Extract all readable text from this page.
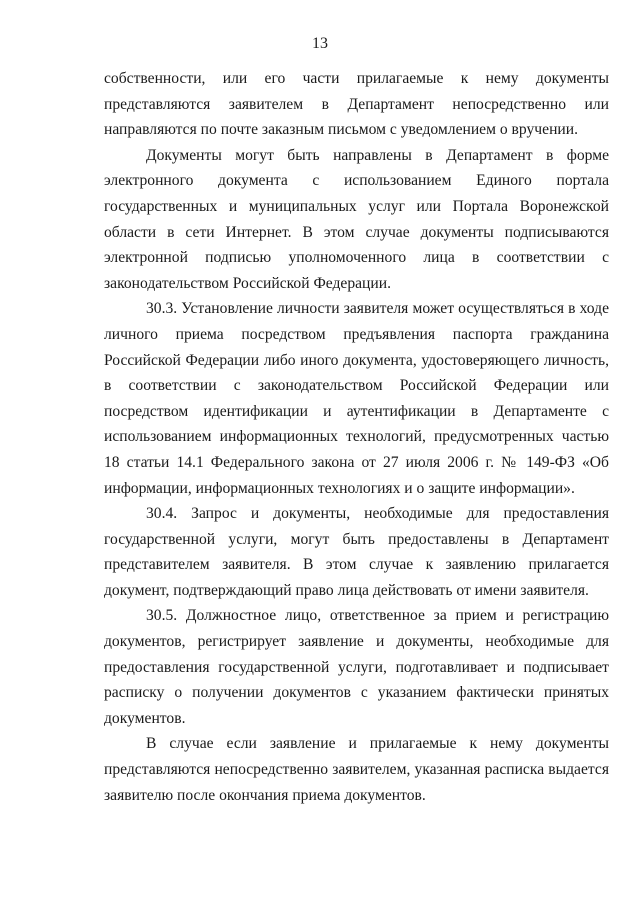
13

собственности, или его части прилагаемые к нему документы представляются заявителем в Департамент непосредственно или направляются по почте заказным письмом с уведомлением о вручении.

Документы могут быть направлены в Департамент в форме электронного документа с использованием Единого портала государственных и муниципальных услуг или Портала Воронежской области в сети Интернет. В этом случае документы подписываются электронной подписью уполномоченного лица в соответствии с законодательством Российской Федерации.

30.3. Установление личности заявителя может осуществляться в ходе личного приема посредством предъявления паспорта гражданина Российской Федерации либо иного документа, удостоверяющего личность, в соответствии с законодательством Российской Федерации или посредством идентификации и аутентификации в Департаменте с использованием информационных технологий, предусмотренных частью 18 статьи 14.1 Федерального закона от 27 июля 2006 г. № 149-ФЗ «Об информации, информационных технологиях и о защите информации».

30.4. Запрос и документы, необходимые для предоставления государственной услуги, могут быть предоставлены в Департамент представителем заявителя. В этом случае к заявлению прилагается документ, подтверждающий право лица действовать от имени заявителя.

30.5. Должностное лицо, ответственное за прием и регистрацию документов, регистрирует заявление и документы, необходимые для предоставления государственной услуги, подготавливает и подписывает расписку о получении документов с указанием фактически принятых документов.

В случае если заявление и прилагаемые к нему документы представляются непосредственно заявителем, указанная расписка выдается заявителю после окончания приема документов.
